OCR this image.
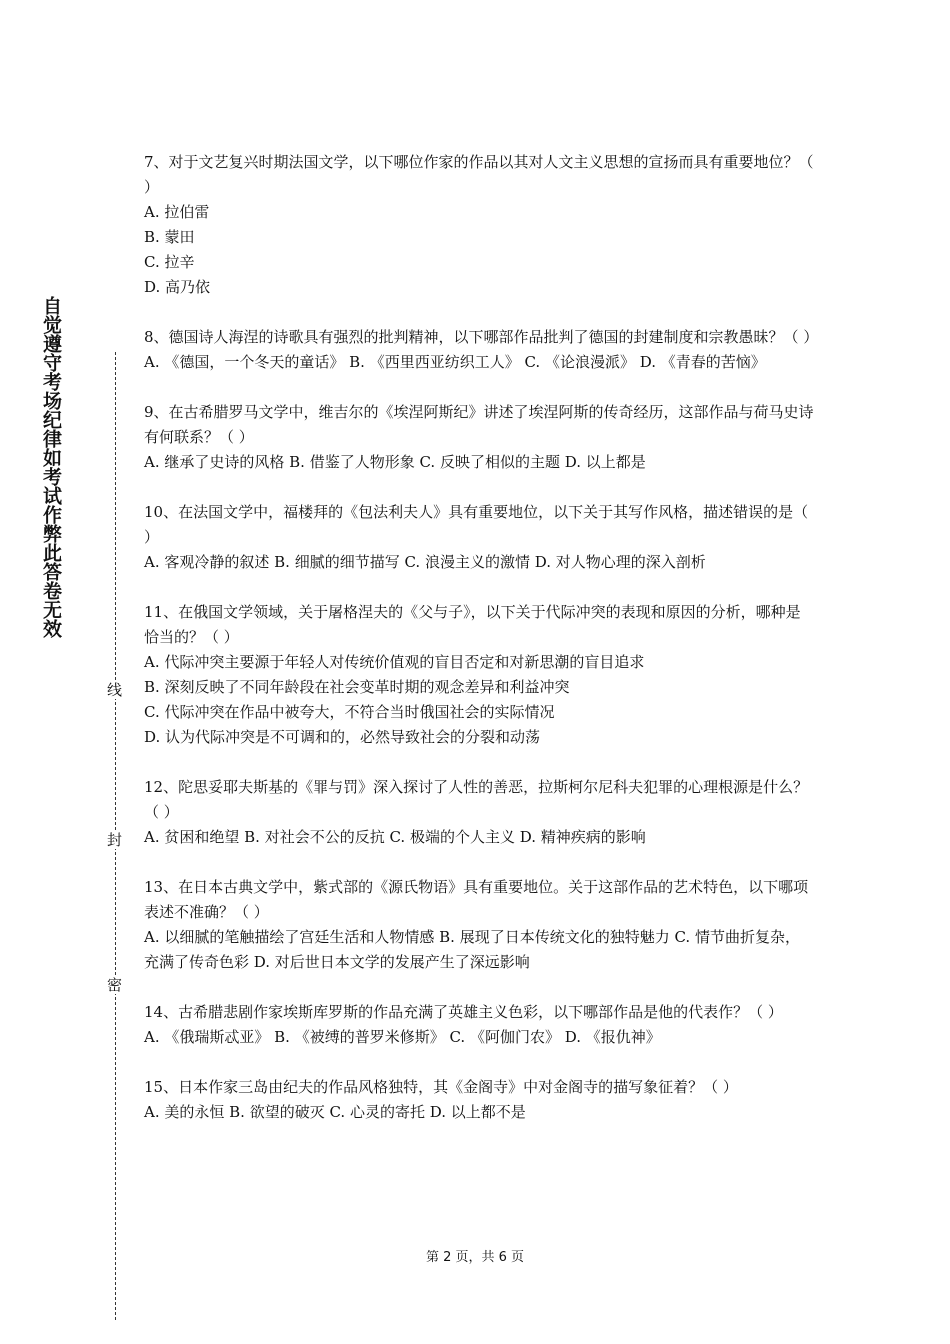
自觉遵守考场纪律如考试作弊此答卷无效
线
封
密

7、对于文艺复兴时期法国文学，以下哪位作家的作品以其对人文主义思想的宣扬而具有重要地位？（ ）

A. 拉伯雷

B. 蒙田

C. 拉辛

D. 高乃依

8、德国诗人海涅的诗歌具有强烈的批判精神，以下哪部作品批判了德国的封建制度和宗教愚昧？（ ）

A. 《德国，一个冬天的童话》 B. 《西里西亚纺织工人》 C. 《论浪漫派》 D. 《青春的苦恼》

9、在古希腊罗马文学中，维吉尔的《埃涅阿斯纪》讲述了埃涅阿斯的传奇经历，这部作品与荷马史诗有何联系？（ ）

A. 继承了史诗的风格 B. 借鉴了人物形象 C. 反映了相似的主题 D. 以上都是

10、在法国文学中，福楼拜的《包法利夫人》具有重要地位，以下关于其写作风格，描述错误的是（ ）

A. 客观冷静的叙述 B. 细腻的细节描写 C. 浪漫主义的激情 D. 对人物心理的深入剖析

11、在俄国文学领域，关于屠格涅夫的《父与子》，以下关于代际冲突的表现和原因的分析，哪种是恰当的？（ ）

A. 代际冲突主要源于年轻人对传统价值观的盲目否定和对新思潮的盲目追求

B. 深刻反映了不同年龄段在社会变革时期的观念差异和利益冲突

C. 代际冲突在作品中被夸大，不符合当时俄国社会的实际情况

D. 认为代际冲突是不可调和的，必然导致社会的分裂和动荡

12、陀思妥耶夫斯基的《罪与罚》深入探讨了人性的善恶，拉斯柯尔尼科夫犯罪的心理根源是什么？（ ）

A. 贫困和绝望 B. 对社会不公的反抗 C. 极端的个人主义 D. 精神疾病的影响

13、在日本古典文学中，紫式部的《源氏物语》具有重要地位。关于这部作品的艺术特色，以下哪项表述不准确？（ ）

A. 以细腻的笔触描绘了宫廷生活和人物情感 B. 展现了日本传统文化的独特魅力 C. 情节曲折复杂，充满了传奇色彩 D. 对后世日本文学的发展产生了深远影响

14、古希腊悲剧作家埃斯库罗斯的作品充满了英雄主义色彩，以下哪部作品是他的代表作？（ ）

A. 《俄瑞斯忒亚》 B. 《被缚的普罗米修斯》 C. 《阿伽门农》 D. 《报仇神》

15、日本作家三岛由纪夫的作品风格独特，其《金阁寺》中对金阁寺的描写象征着？（ ）

A. 美的永恒 B. 欲望的破灭 C. 心灵的寄托 D. 以上都不是

第 2 页，共 6 页
